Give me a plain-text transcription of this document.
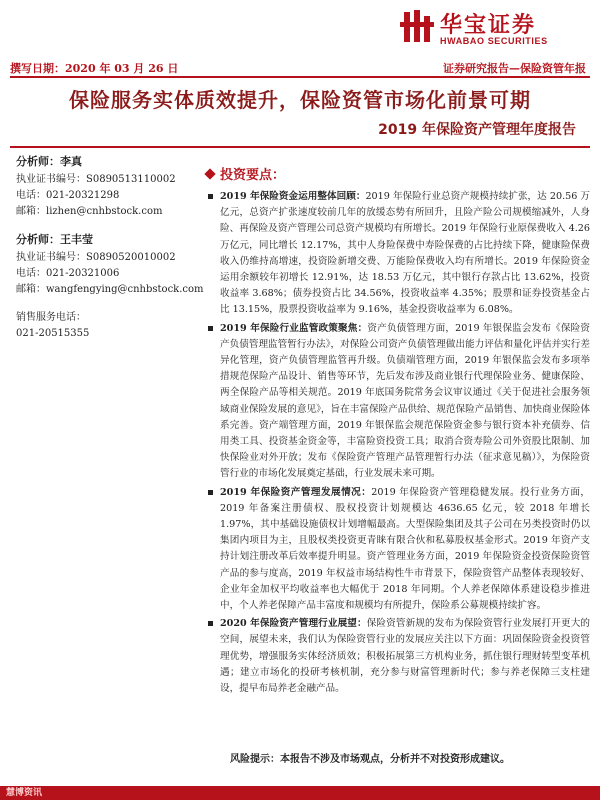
华宝证券
HWABAO SECURITIES
撰写日期：2020 年 03 月 26 日	证券研究报告—保险资管年报
保险服务实体质效提升，保险资管市场化前景可期
2019 年保险资产管理年度报告
分析师：李真
执业证书编号：S0890513110002
电话：021-20321298
邮箱：lizhen@cnhbstock.com
分析师：王丰莹
执业证书编号：S0890520010002
电话：021-20321006
邮箱：wangfengying@cnhbstock.com
销售服务电话：
021-20515355
投资要点：
2019 年保险资金运用整体回顾：2019 年保险行业总资产规模持续扩张，达 20.56 万亿元，总资产扩张速度较前几年的放缓态势有所回升，且险产险公司规模缩减外，人身险、再保险及资产管理公司总资产规模均有所增长。2019 年保险行业原保费收入 4.26 万亿元，同比增长 12.17%，其中人身险保费中寿险保费的占比持续下降，健康险保费收入仍维持高增速，投资险新增交费、万能险保费收入均有所增长。2019 年保险资金运用余额较年初增长 12.91%，达 18.53 万亿元，其中银行存款占比 13.62%，投资收益率 3.68%；债券投资占比 34.56%，投资收益率 4.35%；股票和证券投资基金占比 13.15%，股票投资收益率为 9.16%，基金投资收益率为 6.08%。
2019 年保险行业监管政策聚焦：资产负债管理方面，2019 年银保监会发布《保险资产负债管理监管暂行办法》，对保险公司资产负债管理做出能力评估和量化评估并实行差异化管理，资产负债管理监管再升级。负债端管理方面，2019 年银保监会发布多项举措规范保险产品设计、销售等环节，先后发布涉及商业银行代理保险业务、健康保险、两全保险产品等相关规范。2019 年底国务院常务会议审议通过《关于促进社会服务领域商业保险发展的意见》，旨在丰富保险产品供给、规范保险产品销售、加快商业保险体系完善。资产端管理方面，2019 年银保监会规范保险资金参与银行资本补充债券、信用类工具、投资基金资金等，丰富险资投资工具；取消合资寿险公司外资股比限制、加快保险业对外开放；发布《保险资产管理产品管理暂行办法（征求意见稿）》，为保险资管行业的市场化发展奠定基础，行业发展未来可期。
2019 年保险资产管理发展情况：2019 年保险资产管理稳健发展。投行业务方面，2019 年备案注册债权、股权投资计划规模达 4636.65 亿元，较 2018 年增长 1.97%，其中基础设施债权计划增幅最高。大型保险集团及其子公司在另类投资时仍以集团内项目为主，且股权类投资更青睐有限合伙和私募股权基金形式。2019 年资产支持计划注册改革后效率提升明显。资产管理业务方面，2019 年保险资金投资保险资管产品的参与度高，2019 年权益市场结构性牛市背景下，保险资管产品整体表现较好、企业年金加权平均收益率也大幅优于 2018 年同期。个人养老保障体系建设稳步推进中，个人养老保障产品丰富度和规模均有所提升，保险系公募规模持续扩容。
2020 年保险资产管理行业展望：保险资管新规的发布为保险资管行业发展打开更大的空间，展望未来，我们认为保险资管行业的发展应关注以下方面：巩固保险资金投资管理优势，增强服务实体经济质效；积极拓展第三方机构业务，抓住银行理财转型变革机遇；建立市场化的投研考核机制，充分参与财富管理新时代；参与养老保障三支柱建设，提早布局养老金融产品。
风险提示：本报告不涉及市场观点，分析并不对投资形成建议。
慧博资讯
